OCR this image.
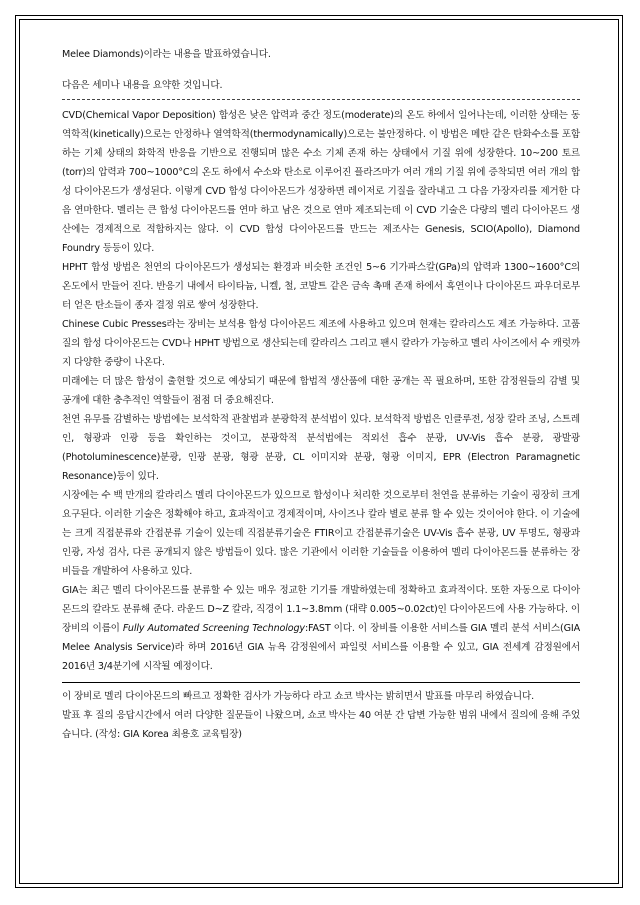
Melee Diamonds)이라는 내용을 발표하였습니다.

다음은 세미나 내용을 요약한 것입니다.

CVD(Chemical Vapor Deposition) 합성은 낮은 압력과 중간 정도(moderate)의 온도 하에서 일어나는데, 이러한 상태는 동역학적(kinetically)으로는 안정하나 열역학적(thermodynamically)으로는 불안정하다. 이 방법은 메탄 같은 탄화수소를 포함하는 기체 상태의 화학적 반응을 기반으로 진행되며 많은 수소 기체 존재 하는 상태에서 기질 위에 성장한다. 10~200 토르(torr)의 압력과 700~1000°C의 온도 하에서 수소와 탄소로 이루어진 플라즈마가 여러 개의 기질 위에 증착되면 여러 개의 합성 다이아몬드가 생성된다. 이렇게 CVD 합성 다이아몬드가 성장하면 레이저로 기질을 잘라내고 그 다음 가장자리를 제거한 다음 연마한다. 멜리는 큰 합성 다이아몬드를 연마 하고 남은 것으로 연마 제조되는데 이 CVD 기술은 다량의 멜리 다이아몬드 생산에는 경제적으로 적합하지는 않다. 이 CVD 합성 다이아몬드를 만드는 제조사는 Genesis, SCIO(Apollo), Diamond Foundry 등등이 있다.

HPHT 합성 방법은 천연의 다이아몬드가 생성되는 환경과 비슷한 조건인 5~6 기가파스칼(GPa)의 압력과 1300~1600°C의 온도에서 만들어 진다. 반응기 내에서 타이타늄, 니켈, 철, 코발트 같은 금속 촉매 존재 하에서 흑연이나 다이아몬드 파우더로부터 얻은 탄소들이 종자 결정 위로 쌓여 성장한다.

Chinese Cubic Presses라는 장비는 보석용 합성 다이아몬드 제조에 사용하고 있으며 현재는 칼라리스도 제조 가능하다. 고품질의 합성 다이아몬드는 CVD나 HPHT 방법으로 생산되는데 칼라리스 그리고 팬시 칼라가 가능하고 멜리 사이즈에서 수 캐럿까지 다양한 중량이 나온다.

미래에는 더 많은 합성이 출현할 것으로 예상되기 때문에 합법적 생산품에 대한 공개는 꼭 필요하며, 또한 감정원들의 감별 및 공개에 대한 충추적인 역할들이 점점 더 중요해진다.

천연 유무를 감별하는 방법에는 보석학적 관찰법과 분광학적 분석법이 있다. 보석학적 방법은 인클루전, 성장 칼라 조닝, 스트레인, 형광과 인광 등을 확인하는 것이고, 분광학적 분석법에는 적외선 흡수 분광, UV-Vis 흡수 분광, 광발광(Photoluminescence)분광, 인광 분광, 형광 분광, CL 이미지와 분광, 형광 이미지, EPR (Electron Paramagnetic Resonance)등이 있다.

시장에는 수 백 만개의 칼라리스 멜리 다이아몬드가 있으므로 합성이나 처리한 것으로부터 천연을 분류하는 기술이 굉장히 크게 요구된다. 이러한 기술은 정확해야 하고, 효과적이고 경제적이며, 사이즈나 칼라 별로 분류 할 수 있는 것이어야 한다. 이 기술에는 크게 직접분류와 간접분류 기술이 있는데 직접분류기술은 FTIR이고 간접분류기술은 UV-Vis 흡수 분광, UV 투명도, 형광과 인광, 자성 검사, 다른 공개되지 않은 방법들이 있다. 많은 기관에서 이러한 기술들을 이용하여 멜리 다이아몬드를 분류하는 장비들을 개발하여 사용하고 있다.

GIA는 최근 멜리 다이아몬드를 분류할 수 있는 매우 정교한 기기를 개발하였는데 정확하고 효과적이다. 또한 자동으로 다이아몬드의 칼라도 분류해 준다. 라운드 D~Z 칼라, 직경이 1.1~3.8mm (대략 0.005~0.02ct)인 다이아몬드에 사용 가능하다. 이 장비의 이름이 Fully Automated Screening Technology:FAST 이다. 이 장비를 이용한 서비스를 GIA 멜리 분석 서비스(GIA Melee Analysis Service)라 하며 2016년 GIA 뉴욕 감정원에서 파일럿 서비스를 이용할 수 있고, GIA 전세계 감정원에서 2016년 3/4분기에 시작될 예정이다.

이 장비로 멜리 다이아몬드의 빠르고 정확한 검사가 가능하다 라고 쇼코 박사는 밝히면서 발표를 마무리 하였습니다.

발표 후 질의 응답시간에서 여러 다양한 질문들이 나왔으며, 쇼코 박사는 40 여분 간 답변 가능한 범위 내에서 질의에 응해 주었습니다. (작성: GIA Korea 최용호 교육팀장)
